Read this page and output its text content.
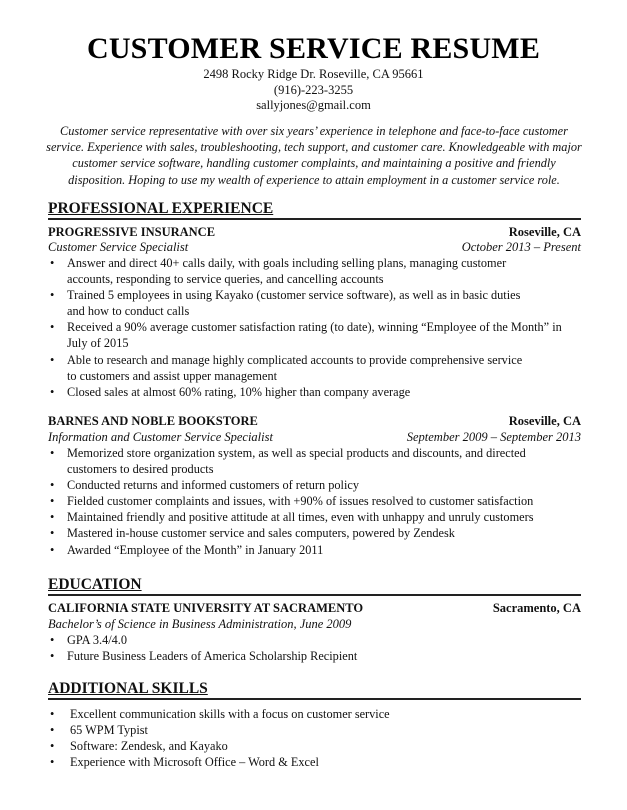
CUSTOMER SERVICE RESUME
2498 Rocky Ridge Dr. Roseville, CA 95661
(916)-223-3255
sallyjones@gmail.com
Customer service representative with over six years’ experience in telephone and face-to-face customer service. Experience with sales, troubleshooting, tech support, and customer care. Knowledgeable with major customer service software, handling customer complaints, and maintaining a positive and friendly disposition. Hoping to use my wealth of experience to attain employment in a customer service role.
PROFESSIONAL EXPERIENCE
PROGRESSIVE INSURANCE	Roseville, CA
Customer Service Specialist	October 2013 – Present
• Answer and direct 40+ calls daily, with goals including selling plans, managing customer accounts, responding to service queries, and cancelling accounts
• Trained 5 employees in using Kayako (customer service software), as well as in basic duties and how to conduct calls
• Received a 90% average customer satisfaction rating (to date), winning “Employee of the Month” in July of 2015
• Able to research and manage highly complicated accounts to provide comprehensive service to customers and assist upper management
• Closed sales at almost 60% rating, 10% higher than company average
BARNES AND NOBLE BOOKSTORE	Roseville, CA
Information and Customer Service Specialist	September 2009 – September 2013
• Memorized store organization system, as well as special products and discounts, and directed customers to desired products
• Conducted returns and informed customers of return policy
• Fielded customer complaints and issues, with +90% of issues resolved to customer satisfaction
• Maintained friendly and positive attitude at all times, even with unhappy and unruly customers
• Mastered in-house customer service and sales computers, powered by Zendesk
• Awarded “Employee of the Month” in January 2011
EDUCATION
CALIFORNIA STATE UNIVERSITY AT SACRAMENTO	Sacramento, CA
Bachelor’s of Science in Business Administration, June 2009
• GPA 3.4/4.0
• Future Business Leaders of America Scholarship Recipient
ADDITIONAL SKILLS
• Excellent communication skills with a focus on customer service
• 65 WPM Typist
• Software: Zendesk, and Kayako
• Experience with Microsoft Office – Word & Excel
